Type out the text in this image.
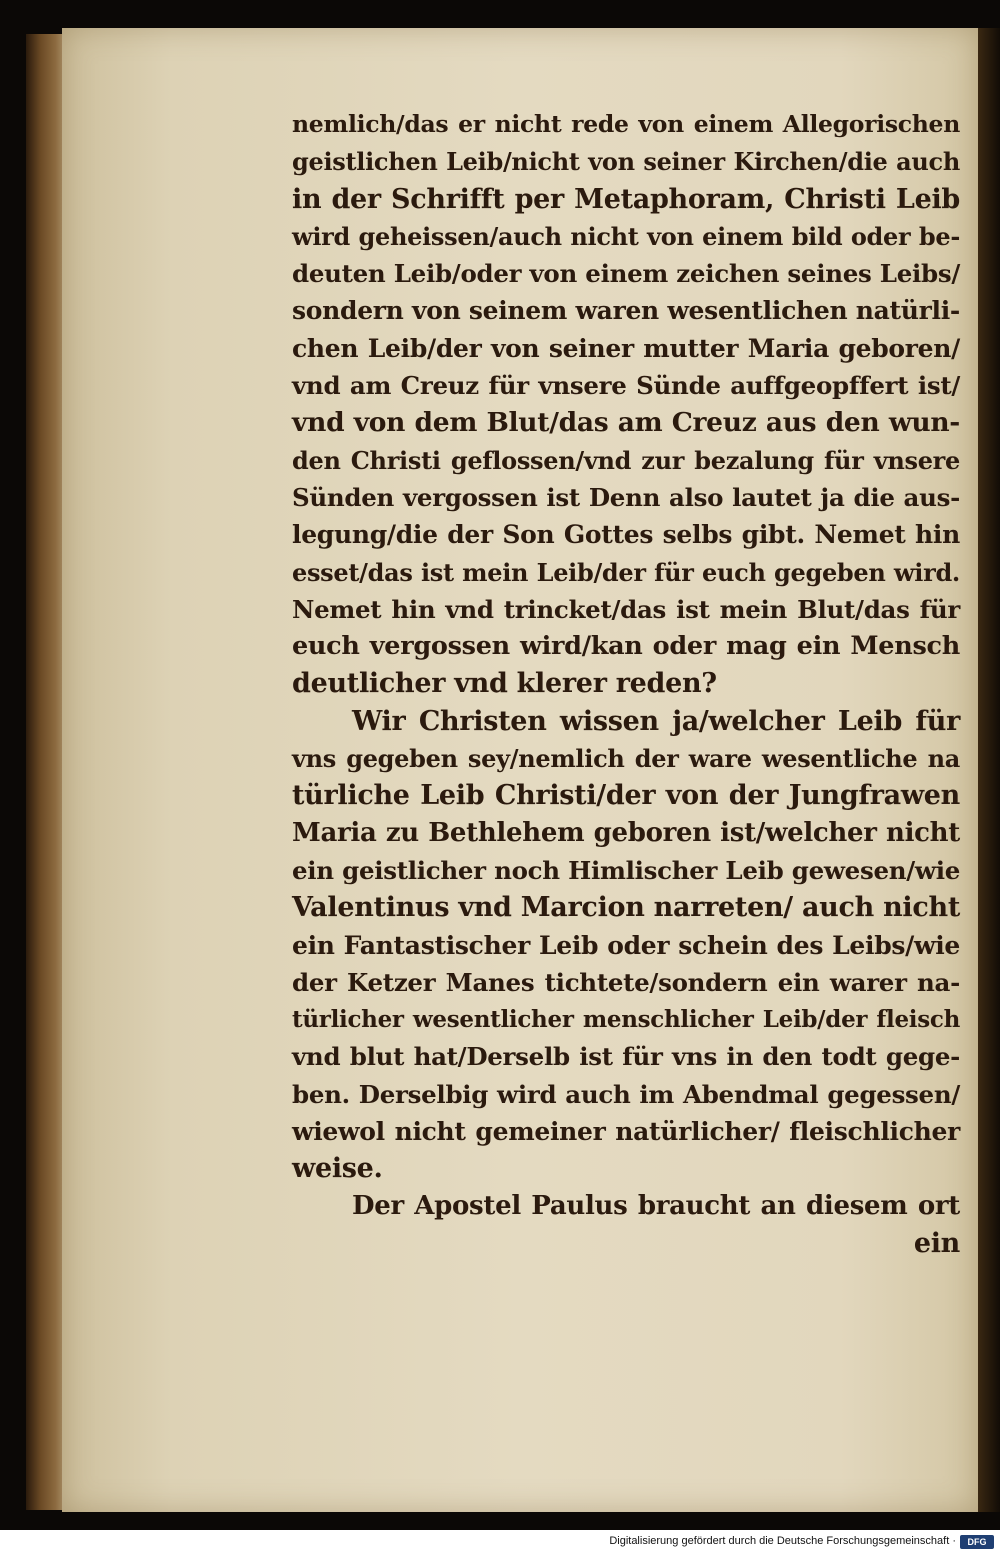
nemlich/das er nicht rede von einem Allegorischen
geistlichen Leib/nicht von seiner Kirchen/die auch
in der Schrifft per Metaphoram, Christi Leib
wird geheissen/auch nicht von einem bild oder be-
deuten Leib/oder von einem zeichen seines Leibs/
sondern von seinem waren wesentlichen natürli-
chen Leib/der von seiner mutter Maria geboren/
vnd am Creuz für vnsere Sünde auffgeopffert ist/
vnd von dem Blut/das am Creuz aus den wun-
den Christi geflossen/vnd zur bezalung für vnsere
Sünden vergossen ist Denn also lautet ja die aus-
legung/die der Son Gottes selbs gibt. Nemet hin
esset/das ist mein Leib/der für euch gegeben wird.
Nemet hin vnd trincket/das ist mein Blut/das für
euch vergossen wird/kan oder mag ein Mensch
deutlicher vnd klerer reden?
Wir Christen wissen ja/welcher Leib für
vns gegeben sey/nemlich der ware wesentliche na
türliche Leib Christi/der von der Jungfrawen
Maria zu Bethlehem geboren ist/welcher nicht
ein geistlicher noch Himlischer Leib gewesen/wie
Valentinus vnd Marcion narreten/ auch nicht
ein Fantastischer Leib oder schein des Leibs/wie
der Ketzer Manes tichtete/sondern ein warer na-
türlicher wesentlicher menschlicher Leib/der fleisch
vnd blut hat/Derselb ist für vns in den todt gege-
ben. Derselbig wird auch im Abendmal gegessen/
wiewol nicht gemeiner natürlicher/ fleischlicher
weise.
Der Apostel Paulus braucht an diesem ort
ein
Digitalisierung gefördert durch die Deutsche Forschungsgemeinschaft ·	DFG
